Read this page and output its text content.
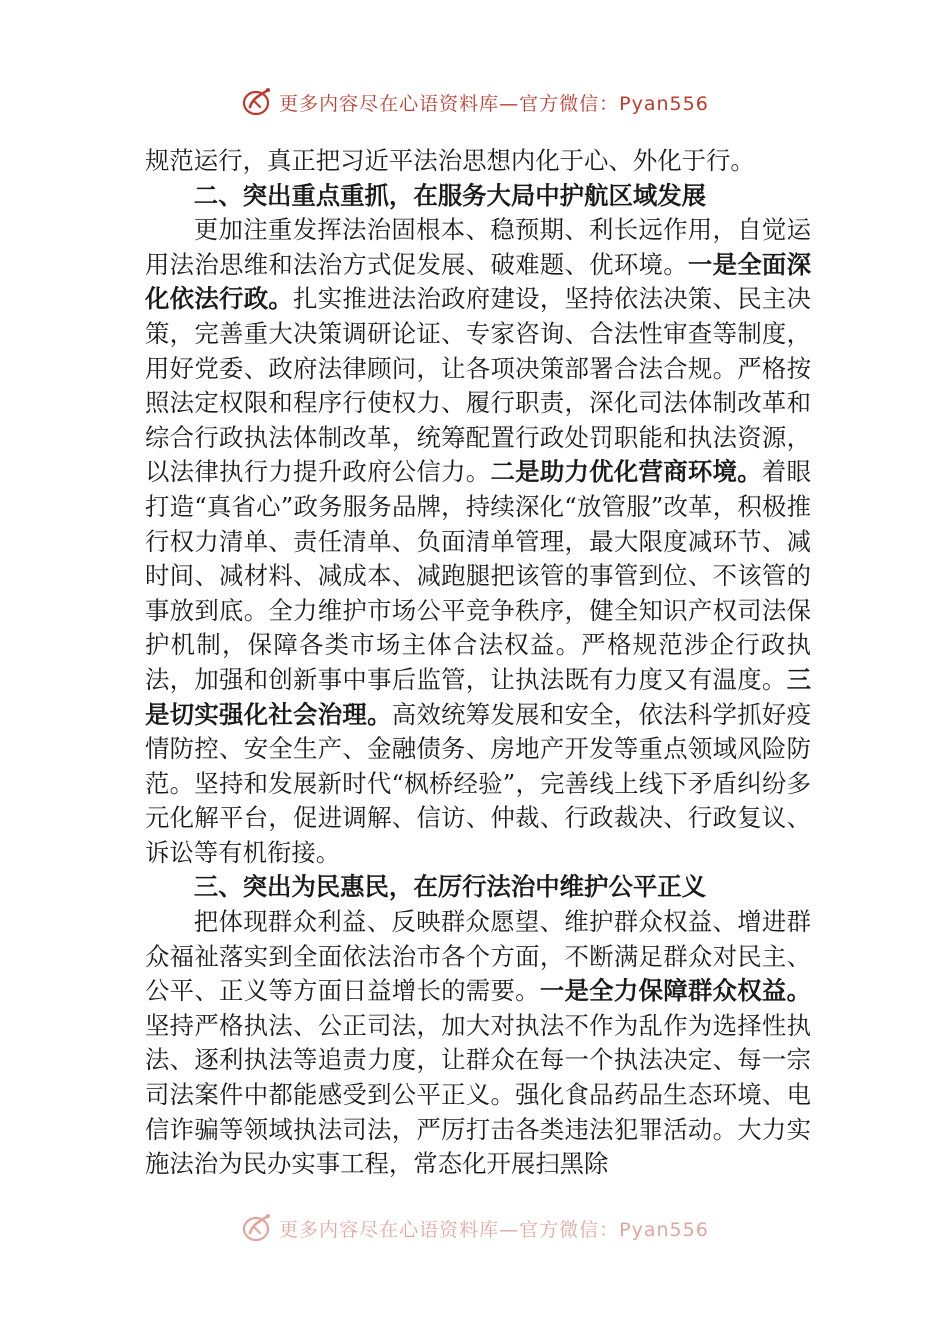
更多内容尽在心语资料库—官方微信：Pyan556

规范运行，真正把习近平法治思想内化于心、外化于行。

二、突出重点重抓，在服务大局中护航区域发展

更加注重发挥法治固根本、稳预期、利长远作用，自觉运用法治思维和法治方式促发展、破难题、优环境。一是全面深化依法行政。扎实推进法治政府建设，坚持依法决策、民主决策，完善重大决策调研论证、专家咨询、合法性审查等制度，用好党委、政府法律顾问，让各项决策部署合法合规。严格按照法定权限和程序行使权力、履行职责，深化司法体制改革和综合行政执法体制改革，统筹配置行政处罚职能和执法资源，以法律执行力提升政府公信力。二是助力优化营商环境。着眼打造“真省心”政务服务品牌，持续深化“放管服”改革，积极推行权力清单、责任清单、负面清单管理，最大限度减环节、减时间、减材料、减成本、减跑腿把该管的事管到位、不该管的事放到底。全力维护市场公平竞争秩序，健全知识产权司法保护机制，保障各类市场主体合法权益。严格规范涉企行政执法，加强和创新事中事后监管，让执法既有力度又有温度。三是切实强化社会治理。高效统筹发展和安全，依法科学抓好疫情防控、安全生产、金融债务、房地产开发等重点领域风险防范。坚持和发展新时代“枫桥经验”，完善线上线下矛盾纠纷多元化解平台，促进调解、信访、仲裁、行政裁决、行政复议、诉讼等有机衔接。

三、突出为民惠民，在厉行法治中维护公平正义

把体现群众利益、反映群众愿望、维护群众权益、增进群众福祉落实到全面依法治市各个方面，不断满足群众对民主、公平、正义等方面日益增长的需要。一是全力保障群众权益。坚持严格执法、公正司法，加大对执法不作为乱作为选择性执法、逐利执法等追责力度，让群众在每一个执法决定、每一宗司法案件中都能感受到公平正义。强化食品药品生态环境、电信诈骗等领域执法司法，严厉打击各类违法犯罪活动。大力实施法治为民办实事工程，常态化开展扫黑除

更多内容尽在心语资料库—官方微信：Pyan556
